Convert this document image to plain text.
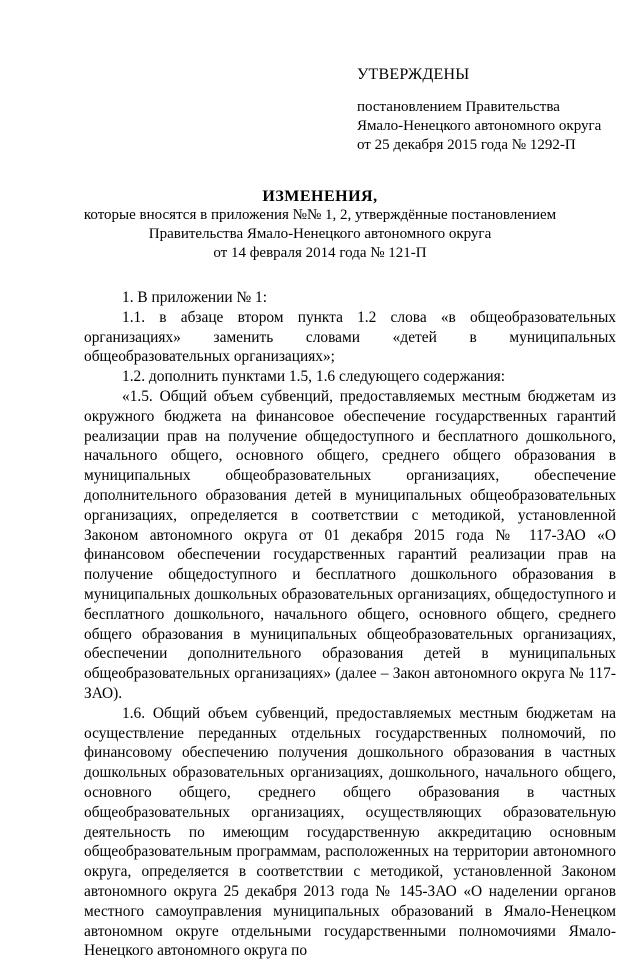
УТВЕРЖДЕНЫ
постановлением Правительства
Ямало-Ненецкого автономного округа
от 25 декабря 2015 года № 1292-П
ИЗМЕНЕНИЯ,
которые вносятся в приложения №№ 1, 2, утверждённые постановлением
Правительства Ямало-Ненецкого автономного округа
от 14 февраля 2014 года № 121-П

1. В приложении № 1:

1.1. в абзаце втором пункта 1.2 слова «в общеобразовательных организациях» заменить словами «детей в муниципальных общеобразовательных организациях»;

1.2. дополнить пунктами 1.5, 1.6 следующего содержания:

«1.5. Общий объем субвенций, предоставляемых местным бюджетам из окружного бюджета на финансовое обеспечение государственных гарантий реализации прав на получение общедоступного и бесплатного дошкольного, начального общего, основного общего, среднего общего образования в муниципальных общеобразовательных организациях, обеспечение дополнительного образования детей в муниципальных общеобразовательных организациях, определяется в соответствии с методикой, установленной Законом автономного округа от 01 декабря 2015 года № 117-ЗАО «О финансовом обеспечении государственных гарантий реализации прав на получение общедоступного и бесплатного дошкольного образования в муниципальных дошкольных образовательных организациях, общедоступного и бесплатного дошкольного, начального общего, основного общего, среднего общего образования в муниципальных общеобразовательных организациях, обеспечении дополнительного образования детей в муниципальных общеобразовательных организациях» (далее – Закон автономного округа № 117-ЗАО).

1.6. Общий объем субвенций, предоставляемых местным бюджетам на осуществление переданных отдельных государственных полномочий, по финансовому обеспечению получения дошкольного образования в частных дошкольных образовательных организациях, дошкольного, начального общего, основного общего, среднего общего образования в частных общеобразовательных организациях, осуществляющих образовательную деятельность по имеющим государственную аккредитацию основным общеобразовательным программам, расположенных на территории автономного округа, определяется в соответствии с методикой, установленной Законом автономного округа 25 декабря 2013 года № 145-ЗАО «О наделении органов местного самоуправления муниципальных образований в Ямало-Ненецком автономном округе отдельными государственными полномочиями Ямало-Ненецкого автономного округа по
